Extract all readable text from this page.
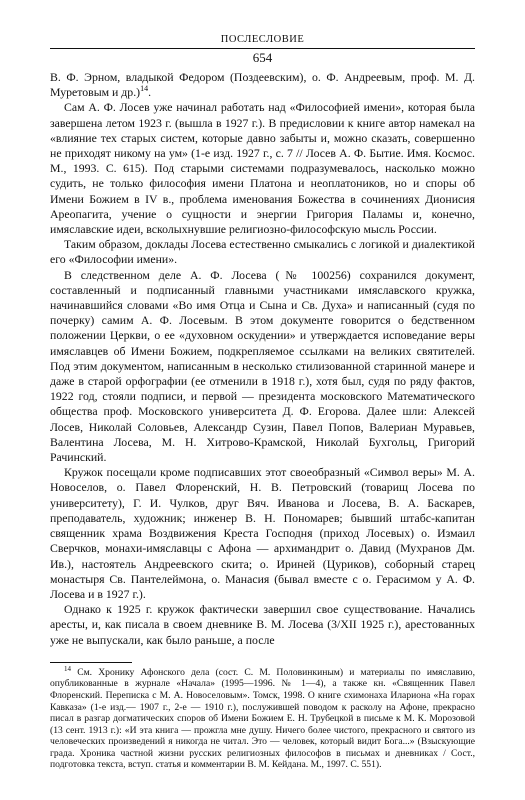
ПОСЛЕСЛОВИЕ
654

В. Ф. Эрном, владыкой Федором (Поздеевским), о. Ф. Андреевым, проф. М. Д. Муретовым и др.)$^{14}$.

Сам А. Ф. Лосев уже начинал работать над «Философией имени», которая была завершена летом 1923 г. (вышла в 1927 г.). В предисловии к книге автор намекал на «влияние тех старых систем, которые давно забыты и, можно сказать, совершенно не приходят никому на ум» (1-е изд. 1927 г., с. 7 // Лосев А. Ф. Бытие. Имя. Космос. М., 1993. С. 615). Под старыми системами подразумевалось, насколько можно судить, не только философия имени Платона и неоплатоников, но и споры об Имени Божием в IV в., проблема именования Божества в сочинениях Дионисия Ареопагита, учение о сущности и энергии Григория Паламы и, конечно, имяславские идеи, всколыхнувшие религиозно-философскую мысль России.

Таким образом, доклады Лосева естественно смыкались с логикой и диалектикой его «Философии имени».

В следственном деле А. Ф. Лосева (№ 100256) сохранился документ, составленный и подписанный главными участниками имяславского кружка, начинавшийся словами «Во имя Отца и Сына и Св. Духа» и написанный (судя по почерку) самим А. Ф. Лосевым. В этом документе говорится о бедственном положении Церкви, о ее «духовном оскудении» и утверждается исповедание веры имяславцев об Имени Божием, подкрепляемое ссылками на великих святителей. Под этим документом, написанным в несколько стилизованной старинной манере и даже в старой орфографии (ее отменили в 1918 г.), хотя был, судя по ряду фактов, 1922 год, стояли подписи, и первой — президента московского Математического общества проф. Московского университета Д. Ф. Егорова. Далее шли: Алексей Лосев, Николай Соловьев, Александр Сузин, Павел Попов, Валериан Муравьев, Валентина Лосева, М. Н. Хитрово-Крамской, Николай Бухгольц, Григорий Рачинский.

Кружок посещали кроме подписавших этот своеобразный «Символ веры» М. А. Новоселов, о. Павел Флоренский, Н. В. Петровский (товарищ Лосева по университету), Г. И. Чулков, друг Вяч. Иванова и Лосева, В. А. Баскарев, преподаватель, художник; инженер В. Н. Пономарев; бывший штабс-капитан священник храма Воздвижения Креста Господня (приход Лосевых) о. Измаил Сверчков, монахи-имяславцы с Афона — архимандрит о. Давид (Мухранов Дм. Ив.), настоятель Андреевского скита; о. Ириней (Цуриков), соборный старец монастыря Св. Пантелеймона, о. Манасия (бывал вместе с о. Герасимом у А. Ф. Лосева и в 1927 г.).

Однако к 1925 г. кружок фактически завершил свое существование. Начались аресты, и, как писала в своем дневнике В. М. Лосева (3/XII 1925 г.), арестованных уже не выпускали, как было раньше, а после

$^{14}$ См. Хронику Афонского дела (сост. С. М. Половинкиным) и материалы по имяславию, опубликованные в журнале «Начала» (1995—1996. № 1—4), а также кн. «Священник Павел Флоренский. Переписка с М. А. Новоселовым». Томск, 1998. О книге схимонаха Илариона «На горах Кавказа» (1-е изд.— 1907 г., 2-е — 1910 г.), послужившей поводом к расколу на Афоне, прекрасно писал в разгар догматических споров об Имени Божием Е. Н. Трубецкой в письме к М. К. Морозовой (13 сент. 1913 г.): «И эта книга — прожгла мне душу. Ничего более чистого, прекрасного и святого из человеческих произведений я никогда не читал. Это — человек, который видит Бога...» (Взыскующие града. Хроника частной жизни русских религиозных философов в письмах и дневниках / Сост., подготовка текста, вступ. статья и комментарии В. М. Кейдана. М., 1997. С. 551).
